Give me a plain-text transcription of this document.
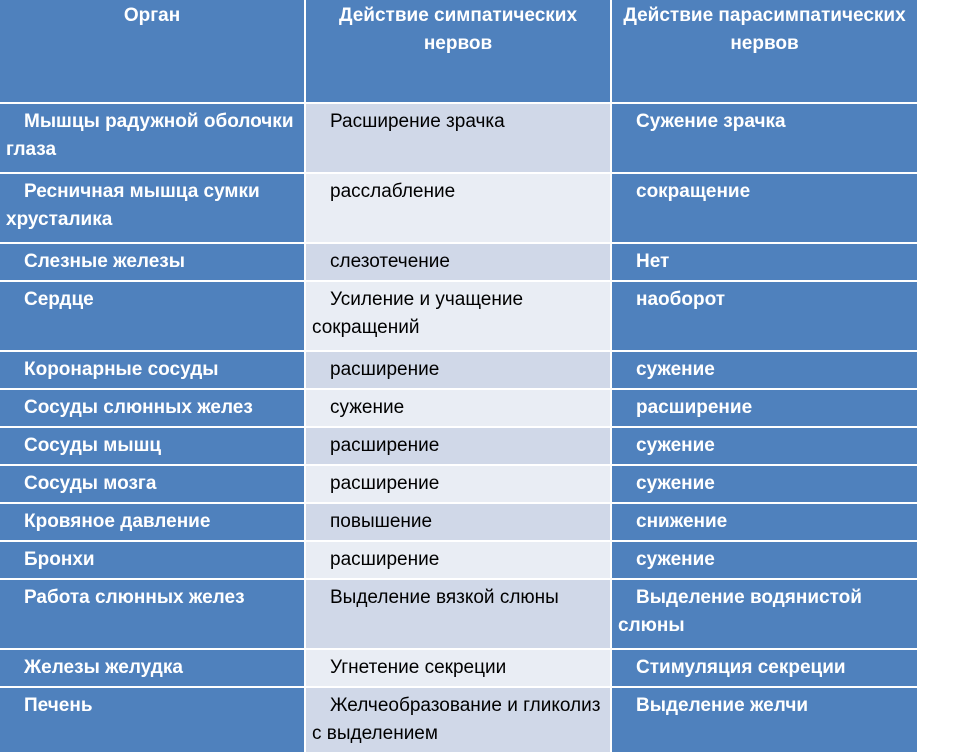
Орган	Действие симпатических нервов	Действие парасимпатических нервов
Мышцы радужной оболочки глаза	Расширение зрачка	Сужение зрачка
Ресничная мышца сумки хрусталика	расслабление	сокращение
Слезные железы	слезотечение	Нет
Сердце	Усиление и учащение сокращений	наоборот
Коронарные сосуды	расширение	сужение
Сосуды слюнных желез	сужение	расширение
Сосуды мышц	расширение	сужение
Сосуды мозга	расширение	сужение
Кровяное давление	повышение	снижение
Бронхи	расширение	сужение
Работа слюнных желез	Выделение вязкой слюны	Выделение водянистой слюны
Железы желудка	Угнетение секреции	Стимуляция секреции
Печень	Желчеобразование и гликолиз с выделением	Выделение желчи
